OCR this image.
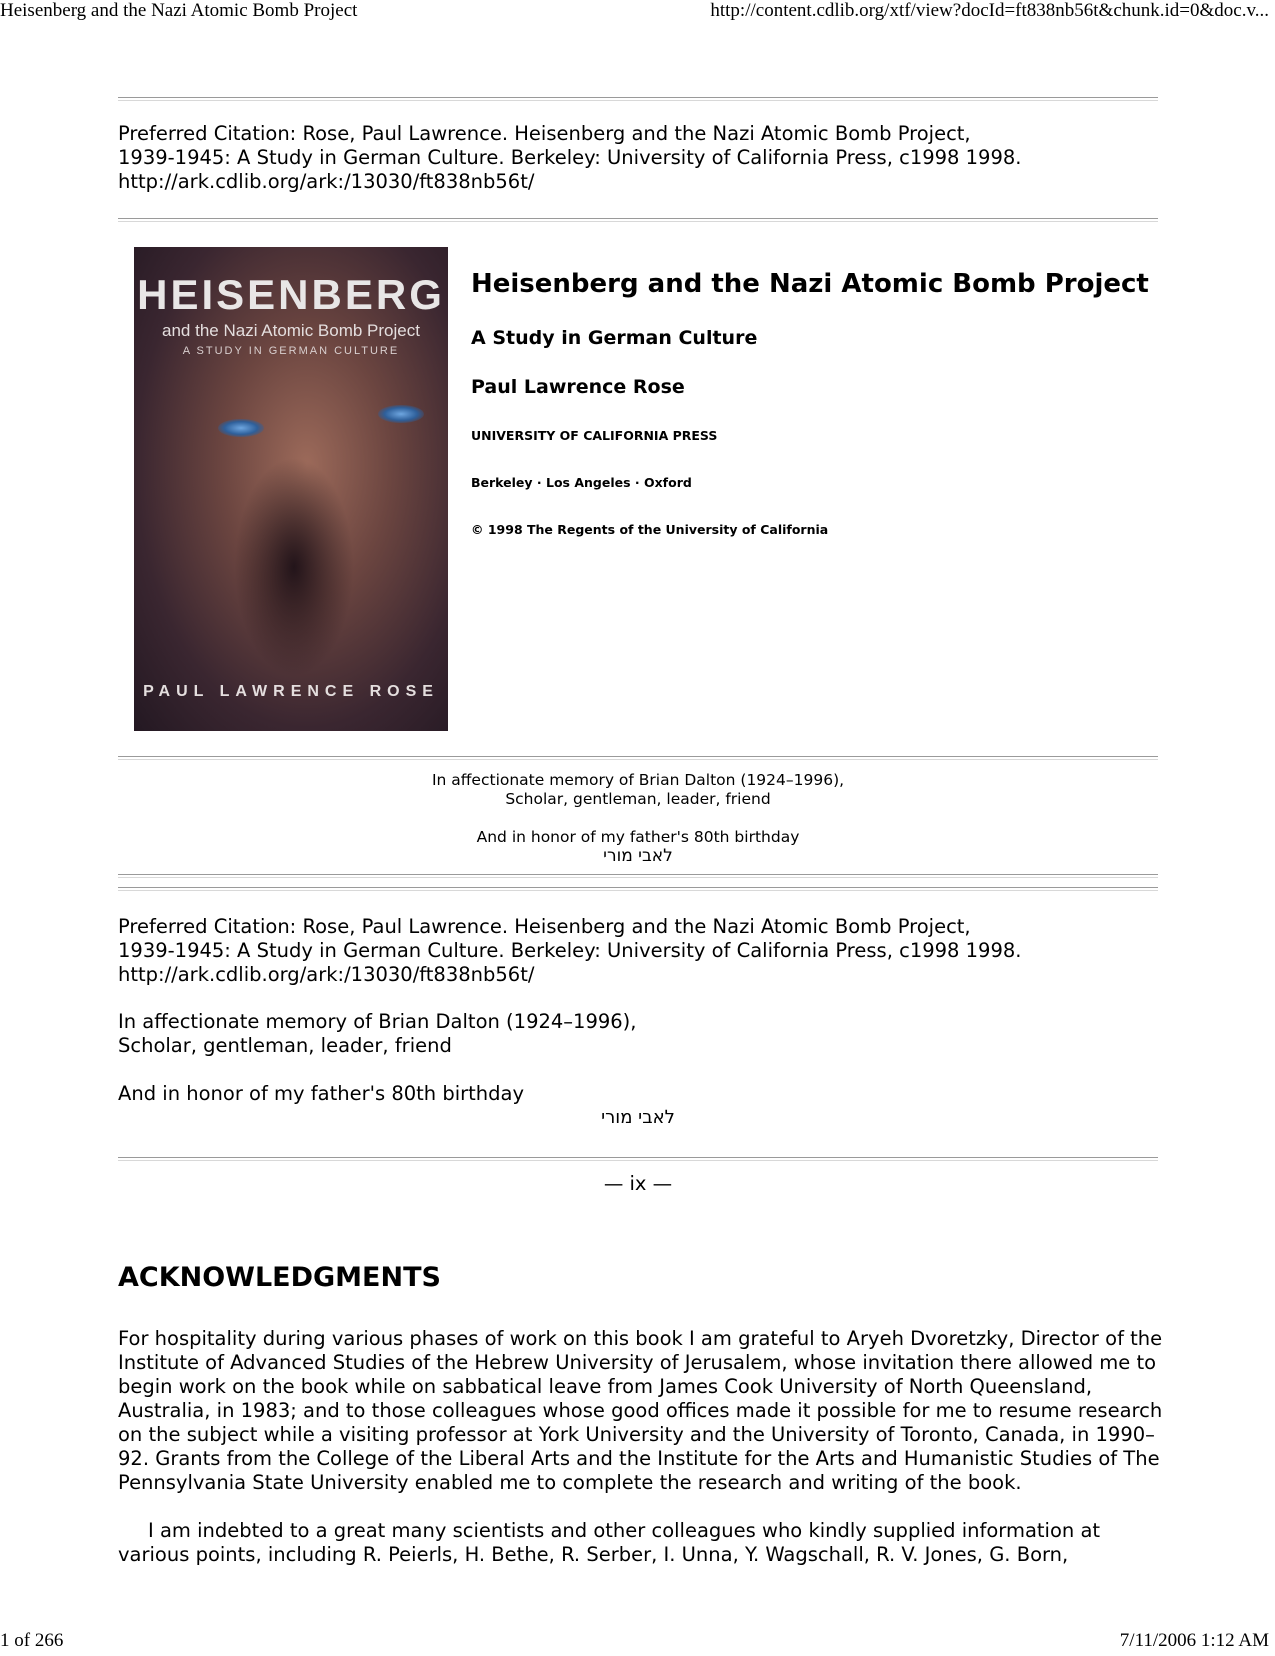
Heisenberg and the Nazi Atomic Bomb Project	http://content.cdlib.org/xtf/view?docId=ft838nb56t&chunk.id=0&doc.v...
Preferred Citation: Rose, Paul Lawrence. Heisenberg and the Nazi Atomic Bomb Project,
1939-1945: A Study in German Culture. Berkeley: University of California Press, c1998 1998.
http://ark.cdlib.org/ark:/13030/ft838nb56t/
HEISENBERG
and the Nazi Atomic Bomb Project
A STUDY IN GERMAN CULTURE
PAUL LAWRENCE ROSE
Heisenberg and the Nazi Atomic Bomb Project
A Study in German Culture
Paul Lawrence Rose
UNIVERSITY OF CALIFORNIA PRESS
Berkeley · Los Angeles · Oxford
© 1998 The Regents of the University of California
In affectionate memory of Brian Dalton (1924–1996),
Scholar, gentleman, leader, friend
And in honor of my father's 80th birthday
לאבי מורי
Preferred Citation: Rose, Paul Lawrence. Heisenberg and the Nazi Atomic Bomb Project,
1939-1945: A Study in German Culture. Berkeley: University of California Press, c1998 1998.
http://ark.cdlib.org/ark:/13030/ft838nb56t/
In affectionate memory of Brian Dalton (1924–1996),
Scholar, gentleman, leader, friend
And in honor of my father's 80th birthday
לאבי מורי
— ix —
ACKNOWLEDGMENTS

For hospitality during various phases of work on this book I am grateful to Aryeh Dvoretzky, Director of the Institute of Advanced Studies of the Hebrew University of Jerusalem, whose invitation there allowed me to begin work on the book while on sabbatical leave from James Cook University of North Queensland, Australia, in 1983; and to those colleagues whose good offices made it possible for me to resume research on the subject while a visiting professor at York University and the University of Toronto, Canada, in 1990–92. Grants from the College of the Liberal Arts and the Institute for the Arts and Humanistic Studies of The Pennsylvania State University enabled me to complete the research and writing of the book.

I am indebted to a great many scientists and other colleagues who kindly supplied information at various points, including R. Peierls, H. Bethe, R. Serber, I. Unna, Y. Wagschall, R. V. Jones, G. Born,

1 of 266	7/11/2006 1:12 AM
